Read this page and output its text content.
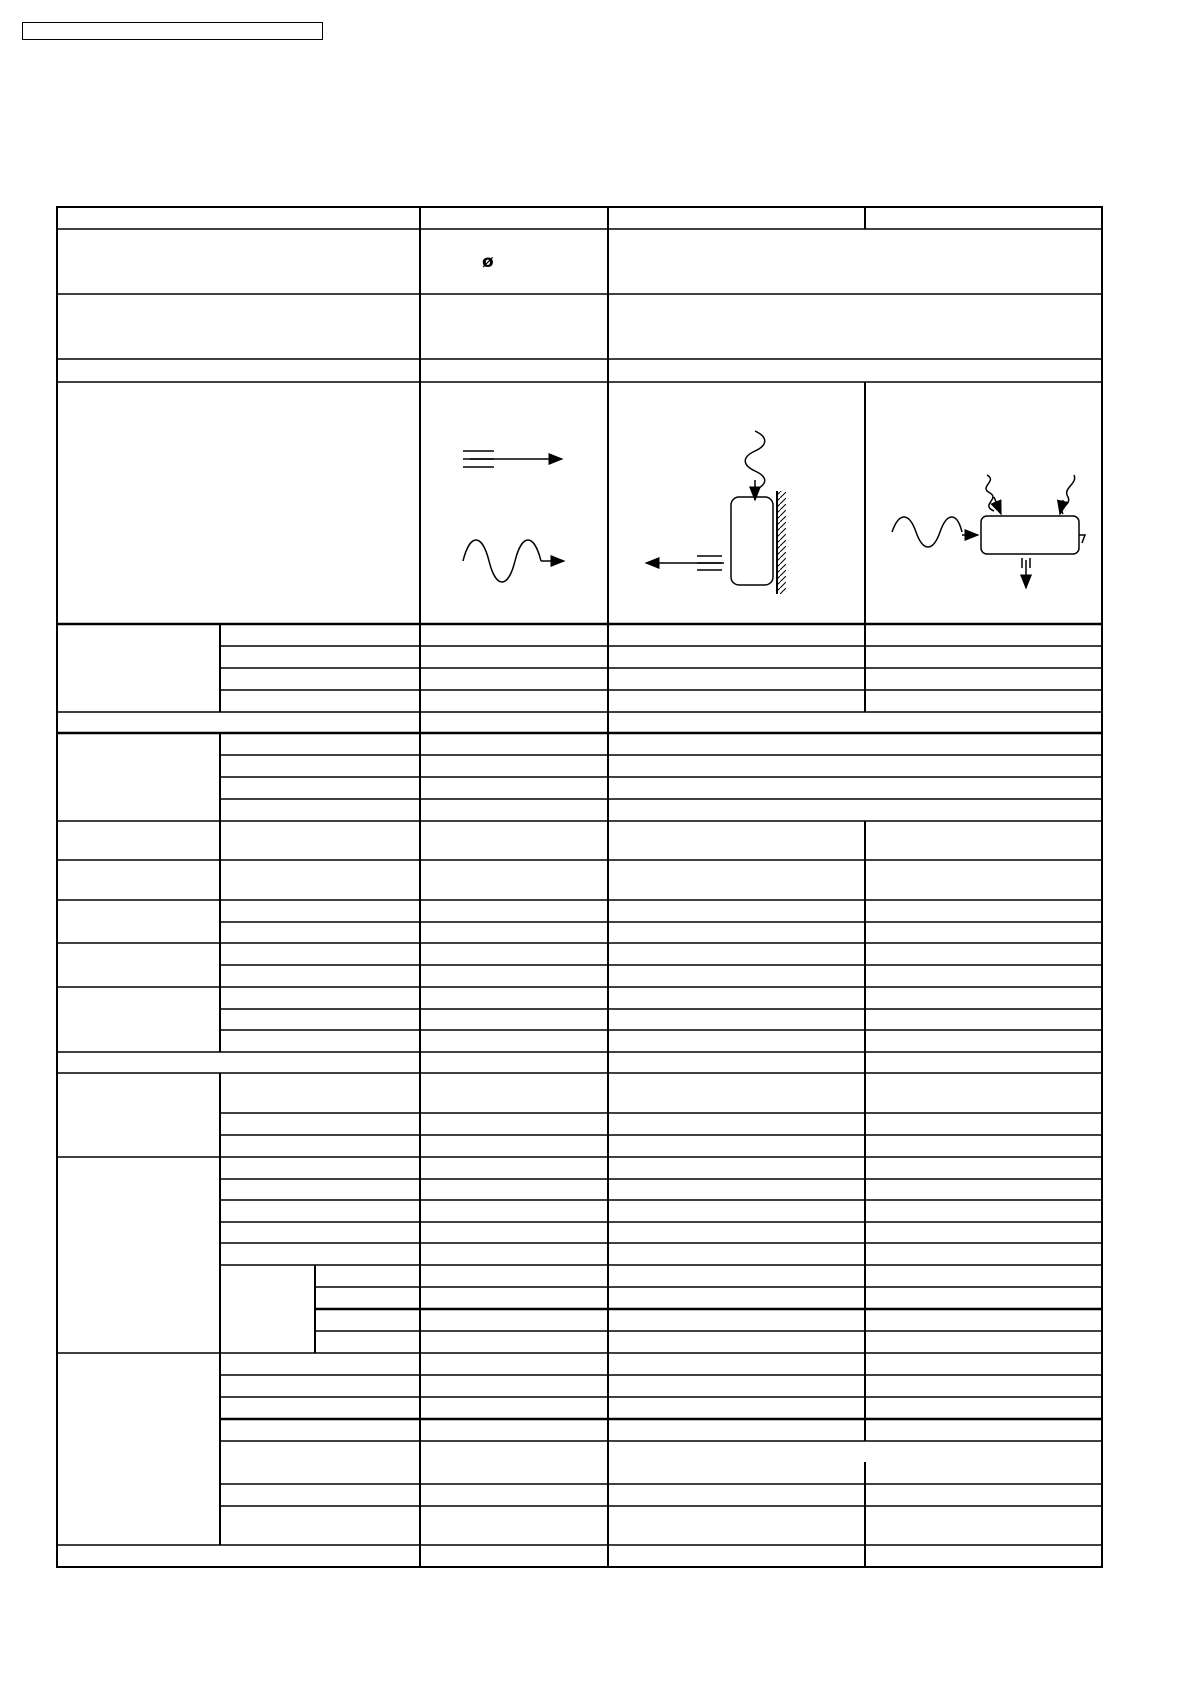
ø
